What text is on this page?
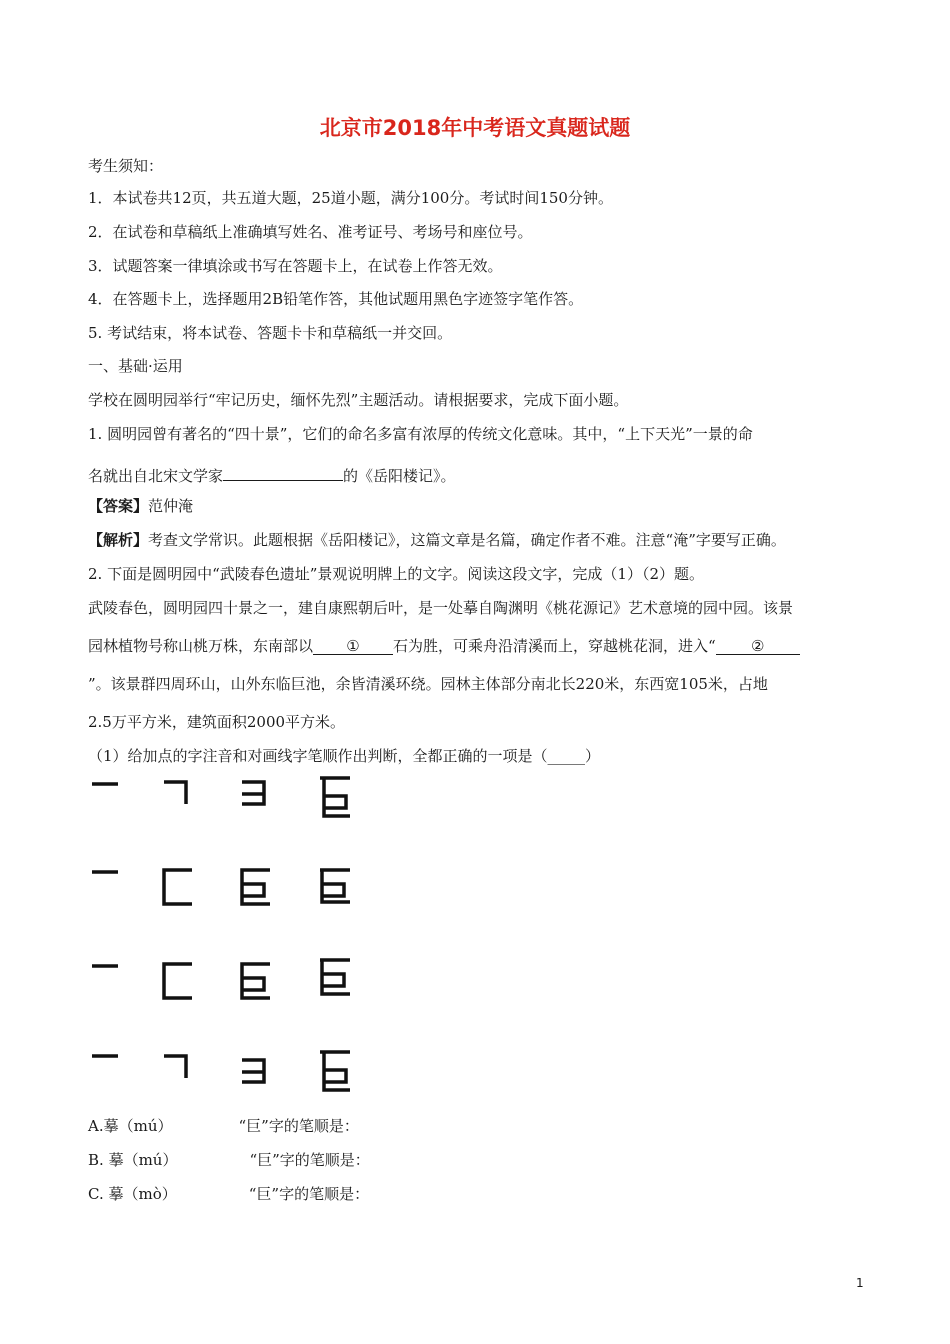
北京市2018年中考语文真题试题
考生须知：
1．本试卷共12页，共五道大题，25道小题，满分100分。考试时间150分钟。
2．在试卷和草稿纸上准确填写姓名、准考证号、考场号和座位号。
3．试题答案一律填涂或书写在答题卡上，在试卷上作答无效。
4．在答题卡上，选择题用2B铅笔作答，其他试题用黑色字迹签字笔作答。
5. 考试结束，将本试卷、答题卡卡和草稿纸一并交回。
一、基础·运用
学校在圆明园举行“牢记历史，缅怀先烈”主题活动。请根据要求，完成下面小题。
1. 圆明园曾有著名的“四十景”，它们的命名多富有浓厚的传统文化意味。其中，“上下天光”一景的命
名就出自北宋文学家	的《岳阳楼记》。
【答案】范仲淹
【解析】考查文学常识。此题根据《岳阳楼记》，这篇文章是名篇，确定作者不难。注意“淹”字要写正确。
2. 下面是圆明园中“武陵春色遗址”景观说明牌上的文字。阅读这段文字，完成（1）（2）题。
武陵春色，圆明园四十景之一，建自康熙朝后叶，是一处摹自陶渊明《桃花源记》艺术意境的园中园。该景
园林植物号称山桃万株，东南部以 ① 石为胜，可乘舟沿清溪而上，穿越桃花洞，进入“ ②
”。该景群四周环山，山外东临巨池，余皆清溪环绕。园林主体部分南北长220米，东西宽105米，占地
2.5万平方米，建筑面积2000平方米。
（1）给加点的字注音和对画线字笔顺作出判断，全都正确的一项是（_____）
A.摹（mú）	“巨”字的笔顺是：
B. 摹（mú）	“巨”字的笔顺是：
C. 摹（mò）	“巨”字的笔顺是：
1
